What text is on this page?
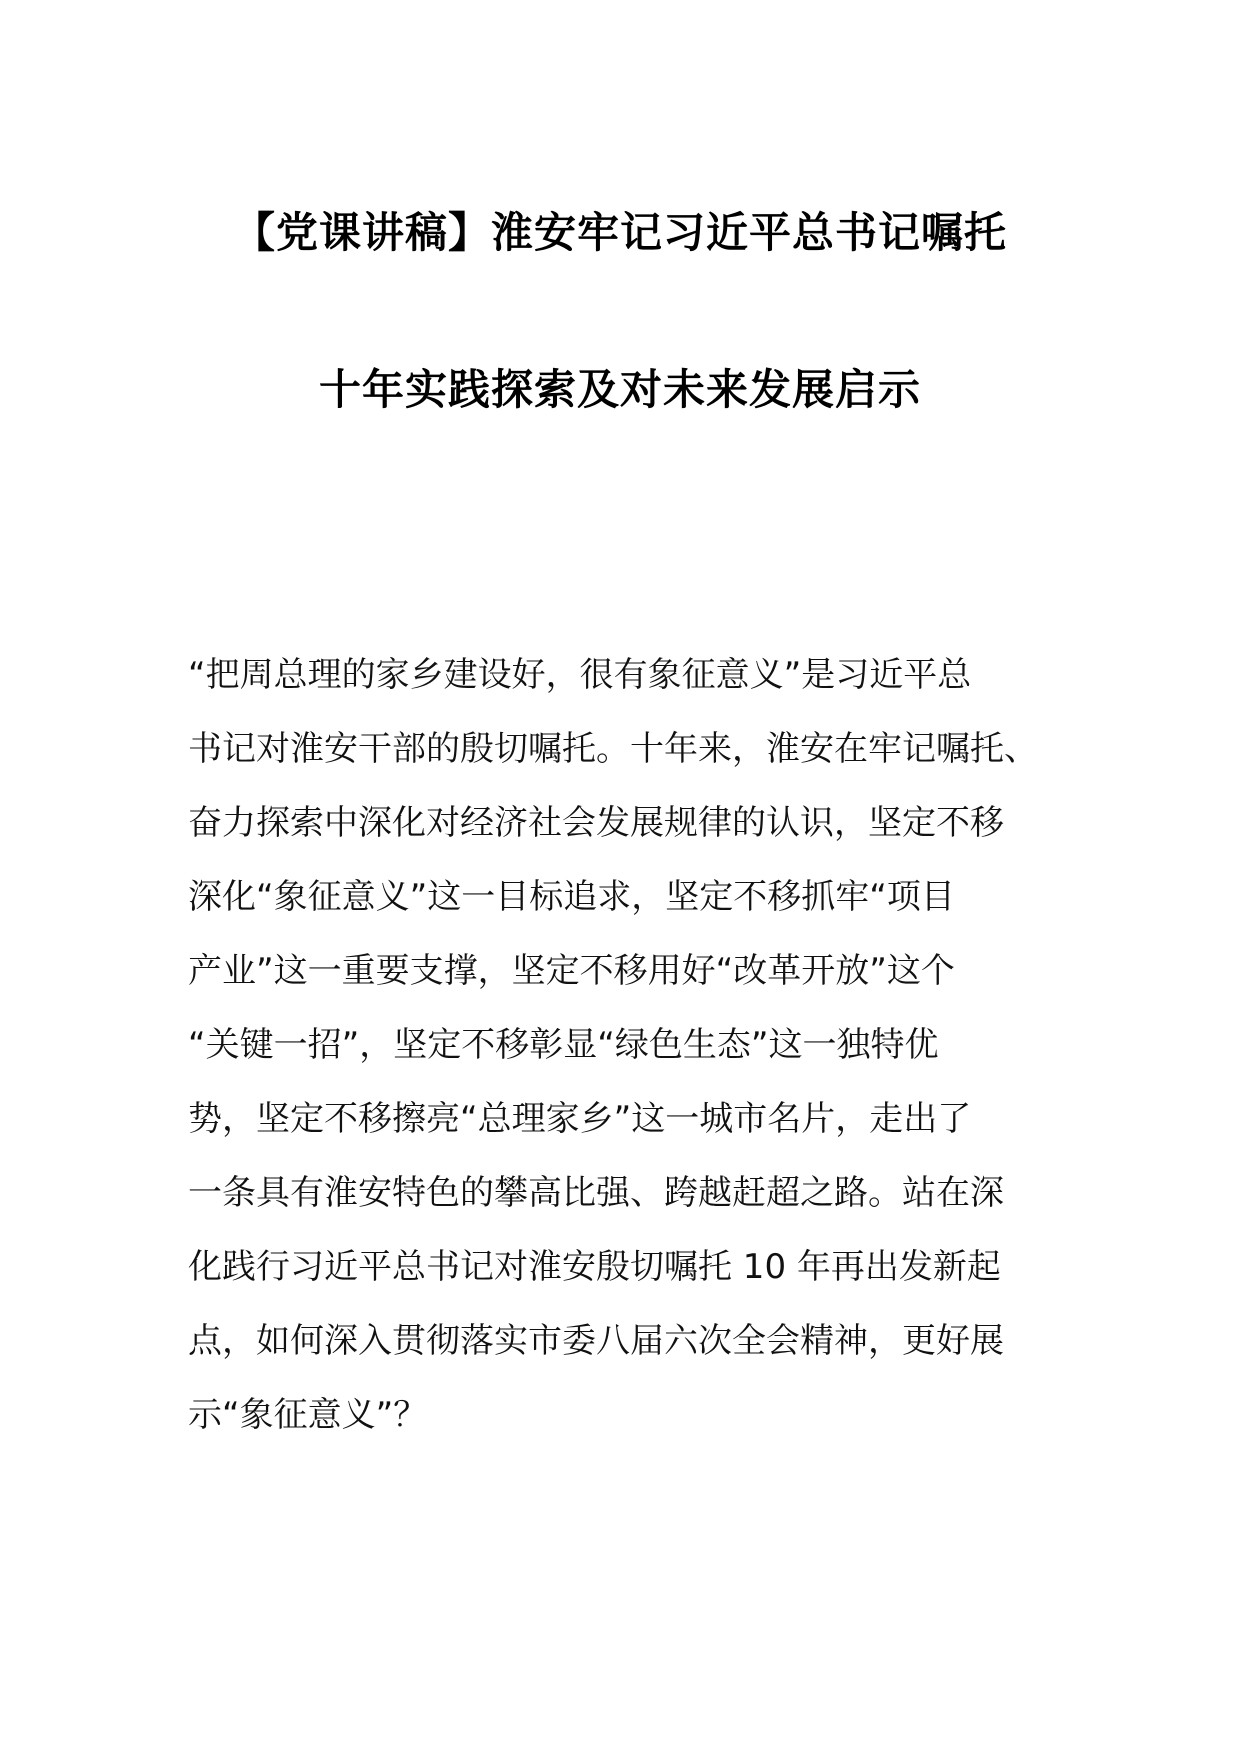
【党课讲稿】淮安牢记习近平总书记嘱托
十年实践探索及对未来发展启示
“把周总理的家乡建设好，很有象征意义”是习近平总
书记对淮安干部的殷切嘱托。十年来，淮安在牢记嘱托、
奋力探索中深化对经济社会发展规律的认识，坚定不移
深化“象征意义”这一目标追求，坚定不移抓牢“项目
产业”这一重要支撑，坚定不移用好“改革开放”这个
“关键一招”，坚定不移彰显“绿色生态”这一独特优
势，坚定不移擦亮“总理家乡”这一城市名片，走出了
一条具有淮安特色的攀高比强、跨越赶超之路。站在深
化践行习近平总书记对淮安殷切嘱托 10 年再出发新起
点，如何深入贯彻落实市委八届六次全会精神，更好展
示“象征意义”？
